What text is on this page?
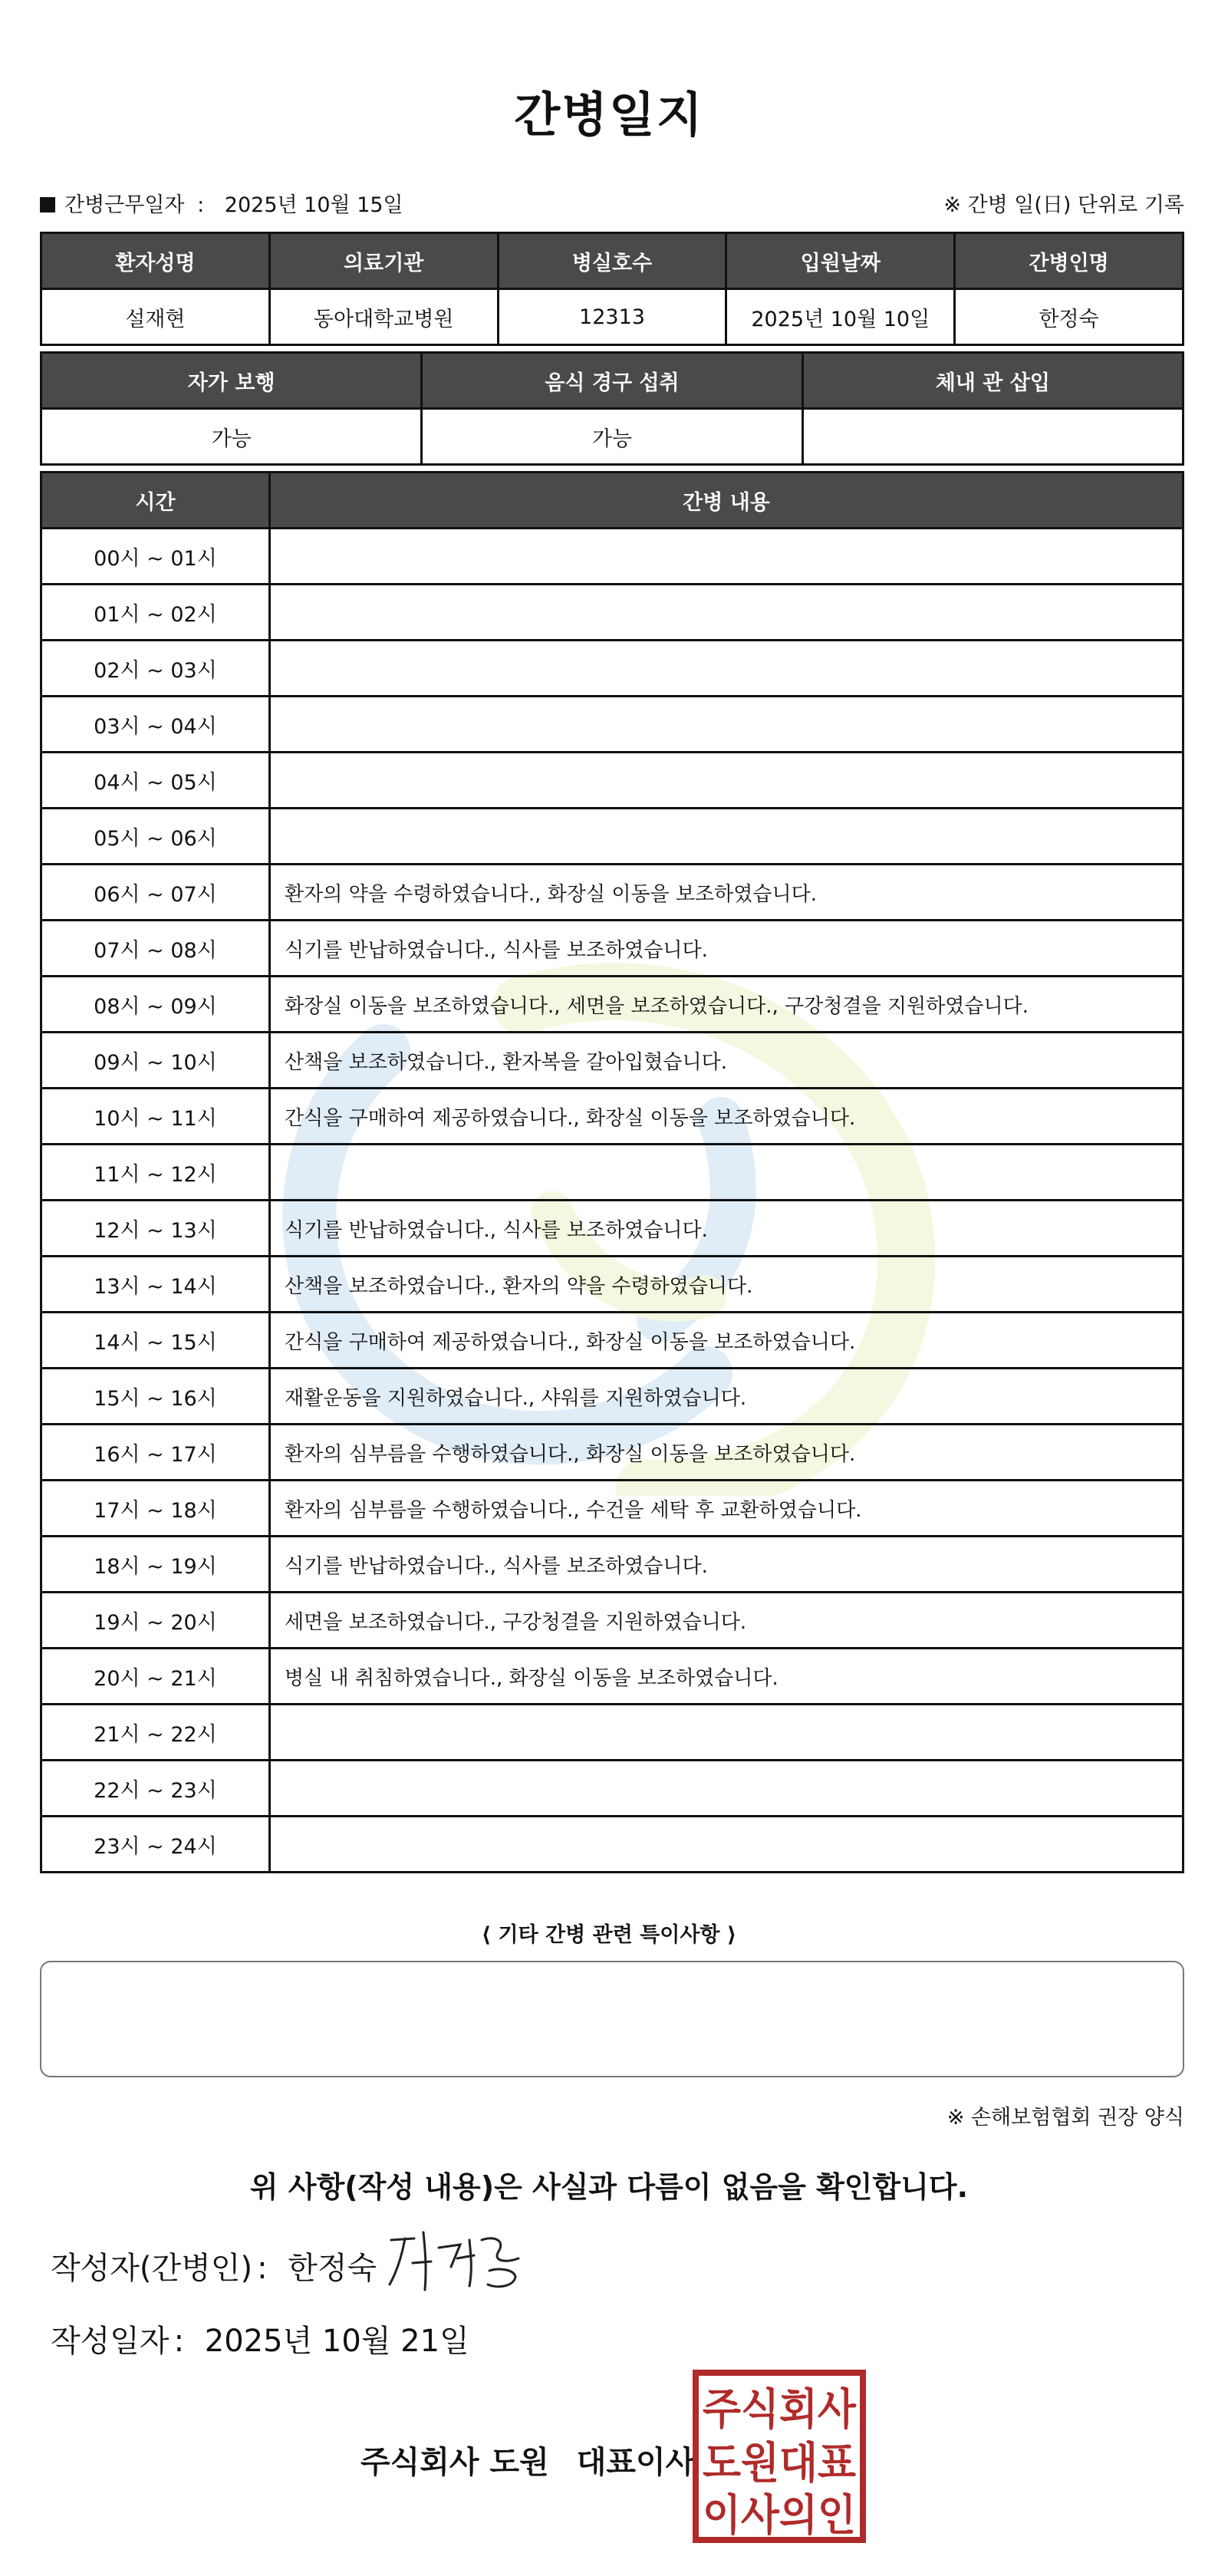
간병일지
간병근무일자 : 2025년 10월 15일	※ 간병 일(日) 단위로 기록
환자성명	의료기관	병실호수	입원날짜	간병인명
설재현	동아대학교병원	12313	2025년 10월 10일	한정숙
자가 보행	음식 경구 섭취	체내 관 삽입
가능	가능	
시간	간병 내용
00시 ~ 01시	
01시 ~ 02시	
02시 ~ 03시	
03시 ~ 04시	
04시 ~ 05시	
05시 ~ 06시	
06시 ~ 07시	환자의 약을 수령하였습니다., 화장실 이동을 보조하였습니다.
07시 ~ 08시	식기를 반납하였습니다., 식사를 보조하였습니다.
08시 ~ 09시	화장실 이동을 보조하였습니다., 세면을 보조하였습니다., 구강청결을 지원하였습니다.
09시 ~ 10시	산책을 보조하였습니다., 환자복을 갈아입혔습니다.
10시 ~ 11시	간식을 구매하여 제공하였습니다., 화장실 이동을 보조하였습니다.
11시 ~ 12시	
12시 ~ 13시	식기를 반납하였습니다., 식사를 보조하였습니다.
13시 ~ 14시	산책을 보조하였습니다., 환자의 약을 수령하였습니다.
14시 ~ 15시	간식을 구매하여 제공하였습니다., 화장실 이동을 보조하였습니다.
15시 ~ 16시	재활운동을 지원하였습니다., 샤워를 지원하였습니다.
16시 ~ 17시	환자의 심부름을 수행하였습니다., 화장실 이동을 보조하였습니다.
17시 ~ 18시	환자의 심부름을 수행하였습니다., 수건을 세탁 후 교환하였습니다.
18시 ~ 19시	식기를 반납하였습니다., 식사를 보조하였습니다.
19시 ~ 20시	세면을 보조하였습니다., 구강청결을 지원하였습니다.
20시 ~ 21시	병실 내 취침하였습니다., 화장실 이동을 보조하였습니다.
21시 ~ 22시	
22시 ~ 23시	
23시 ~ 24시	
⟨ 기타 간병 관련 특이사항 ⟩
※ 손해보험협회 권장 양식
위 사항(작성 내용)은 사실과 다름이 없음을 확인합니다.
작성자(간병인) : 한정숙
작성일자 : 2025년 10월 21일
주식회사 도원 대표이사
주식회사
도원대표
이사의인
